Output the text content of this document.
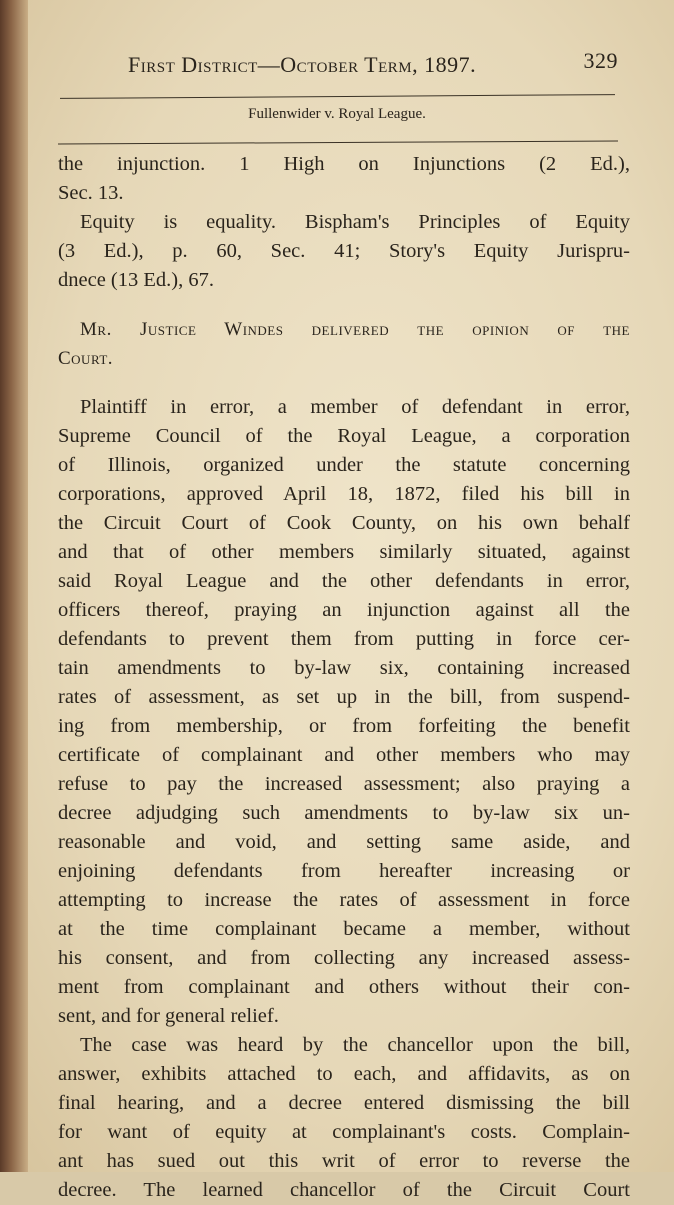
First District—October Term, 1897.	329
Fullenwider v. Royal League.
the injunction. 1 High on Injunctions (2 Ed.),
Sec. 13.
Equity is equality. Bispham's Principles of Equity
(3 Ed.), p. 60, Sec. 41; Story's Equity Jurispru-
dnece (13 Ed.), 67.
Mr. Justice Windes delivered the opinion of the
Court.
Plaintiff in error, a member of defendant in error,
Supreme Council of the Royal League, a corporation
of Illinois, organized under the statute concerning
corporations, approved April 18, 1872, filed his bill in
the Circuit Court of Cook County, on his own behalf
and that of other members similarly situated, against
said Royal League and the other defendants in error,
officers thereof, praying an injunction against all the
defendants to prevent them from putting in force cer-
tain amendments to by-law six, containing increased
rates of assessment, as set up in the bill, from suspend-
ing from membership, or from forfeiting the benefit
certificate of complainant and other members who may
refuse to pay the increased assessment; also praying a
decree adjudging such amendments to by-law six un-
reasonable and void, and setting same aside, and
enjoining defendants from hereafter increasing or
attempting to increase the rates of assessment in force
at the time complainant became a member, without
his consent, and from collecting any increased assess-
ment from complainant and others without their con-
sent, and for general relief.
The case was heard by the chancellor upon the bill,
answer, exhibits attached to each, and affidavits, as on
final hearing, and a decree entered dismissing the bill
for want of equity at complainant's costs. Complain-
ant has sued out this writ of error to reverse the
decree. The learned chancellor of the Circuit Court
